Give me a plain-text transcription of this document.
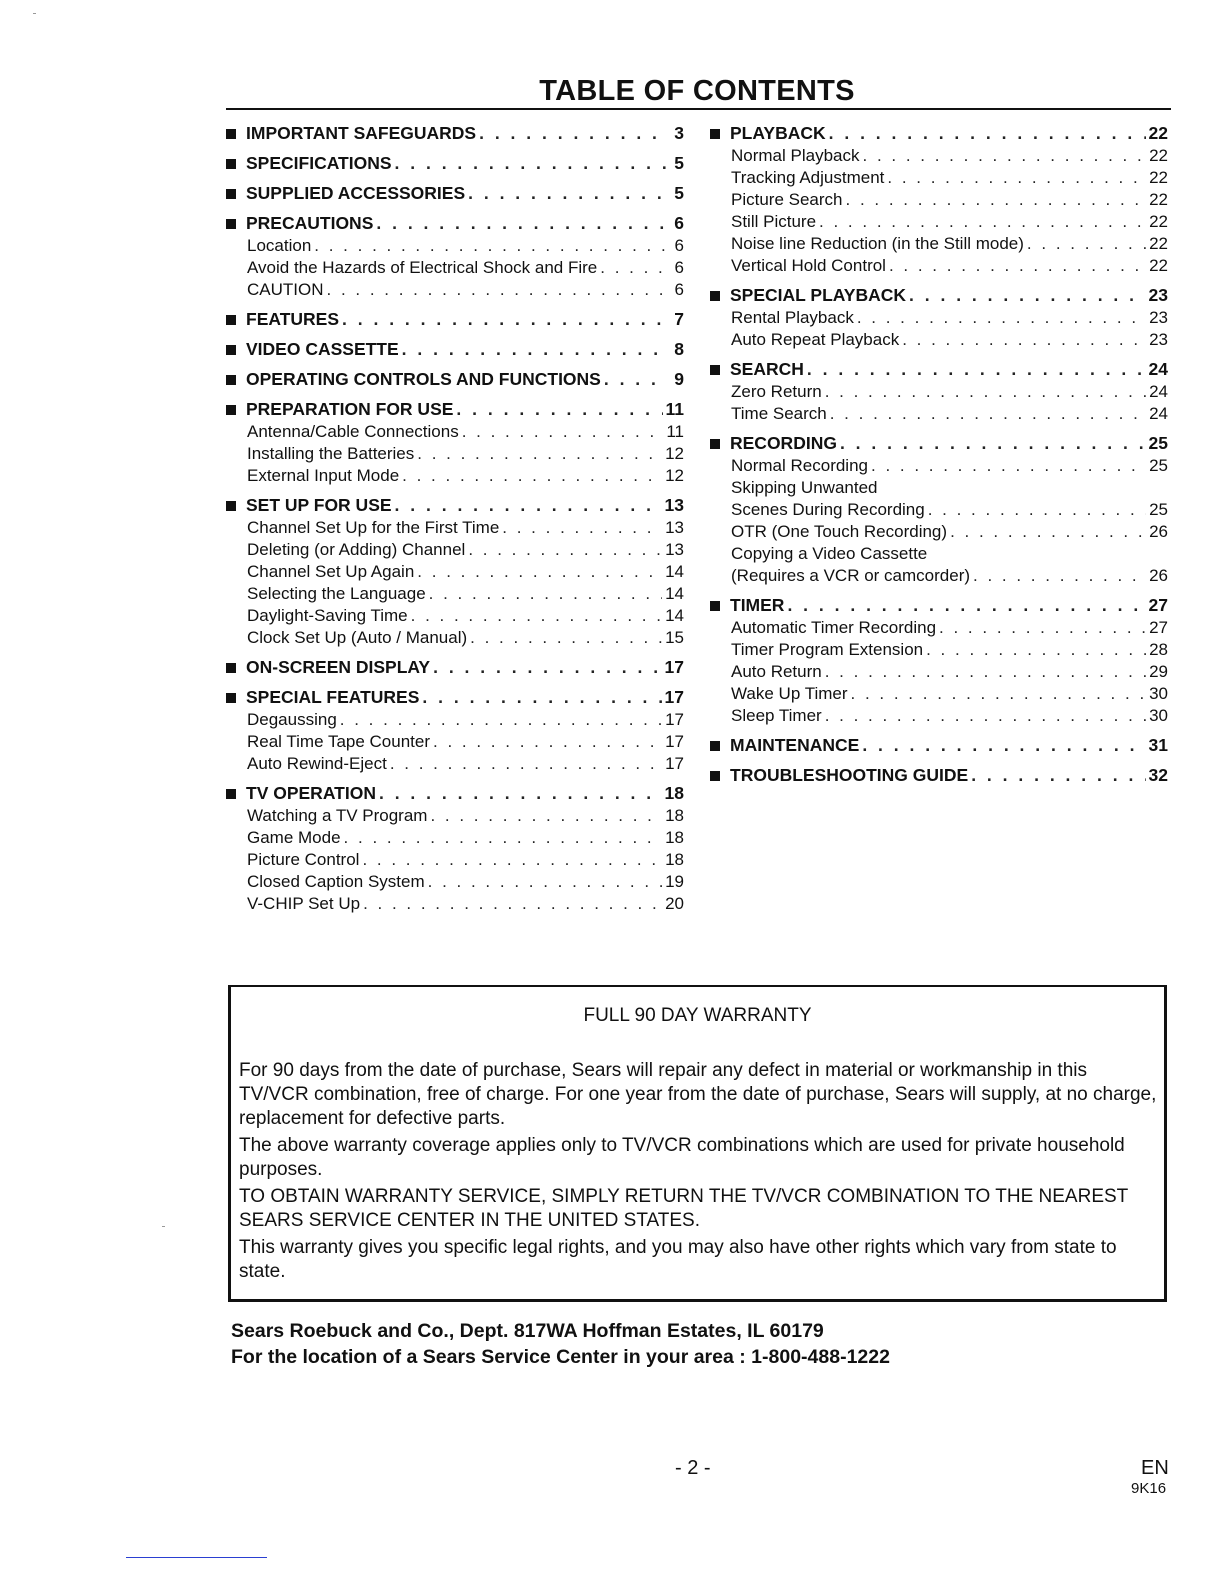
TABLE OF CONTENTS
IMPORTANT SAFEGUARDS . . .	3
SPECIFICATIONS . . .	5
SUPPLIED ACCESSORIES . . .	5
PRECAUTIONS . . .	6
Location . . .	6
Avoid the Hazards of Electrical Shock and Fire . . .	6
CAUTION . . .	6
FEATURES . . .	7
VIDEO CASSETTE . . .	8
OPERATING CONTROLS AND FUNCTIONS . . .	9
PREPARATION FOR USE . . .	11
Antenna/Cable Connections . . .	11
Installing the Batteries . . .	12
External Input Mode . . .	12
SET UP FOR USE . . .	13
Channel Set Up for the First Time . . .	13
Deleting (or Adding) Channel . . .	13
Channel Set Up Again . . .	14
Selecting the Language . . .	14
Daylight-Saving Time . . .	14
Clock Set Up (Auto / Manual) . . .	15
ON-SCREEN DISPLAY . . .	17
SPECIAL FEATURES . . .	17
Degaussing . . .	17
Real Time Tape Counter . . .	17
Auto Rewind-Eject . . .	17
TV OPERATION . . .	18
Watching a TV Program . . .	18
Game Mode . . .	18
Picture Control . . .	18
Closed Caption System . . .	19
V-CHIP Set Up . . .	20
PLAYBACK . . .	22
Normal Playback . . .	22
Tracking Adjustment . . .	22
Picture Search . . .	22
Still Picture . . .	22
Noise line Reduction (in the Still mode) . . .	22
Vertical Hold Control . . .	22
SPECIAL PLAYBACK . . .	23
Rental Playback . . .	23
Auto Repeat Playback . . .	23
SEARCH . . .	24
Zero Return . . .	24
Time Search . . .	24
RECORDING . . .	25
Normal Recording . . .	25
Skipping Unwanted
Scenes During Recording . . .	25
OTR (One Touch Recording) . . .	26
Copying a Video Cassette
(Requires a VCR or camcorder) . . .	26
TIMER . . .	27
Automatic Timer Recording . . .	27
Timer Program Extension . . .	28
Auto Return . . .	29
Wake Up Timer . . .	30
Sleep Timer . . .	30
MAINTENANCE . . .	31
TROUBLESHOOTING GUIDE . . .	32
FULL 90 DAY WARRANTY

For 90 days from the date of purchase, Sears will repair any defect in material or workmanship in this TV/VCR combination, free of charge. For one year from the date of purchase, Sears will supply, at no charge, replacement for defective parts.

The above warranty coverage applies only to TV/VCR combinations which are used for private household purposes.

TO OBTAIN WARRANTY SERVICE, SIMPLY RETURN THE TV/VCR COMBINATION TO THE NEAREST SEARS SERVICE CENTER IN THE UNITED STATES.

This warranty gives you specific legal rights, and you may also have other rights which vary from state to state.

Sears Roebuck and Co., Dept. 817WA Hoffman Estates, IL 60179
For the location of a Sears Service Center in your area : 1-800-488-1222
- 2 -	EN
9K16
